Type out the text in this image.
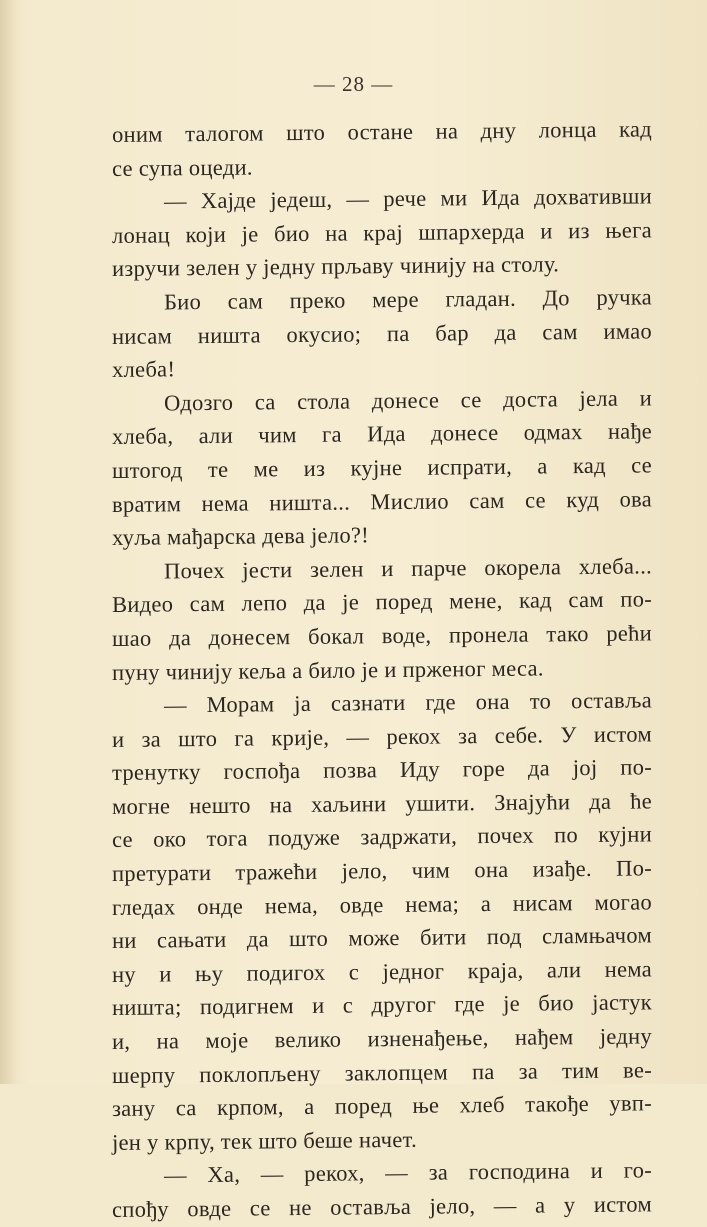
— 28 —
оним талогом што остане на дну лонца кад
се супа оцеди.
— Хајде једеш, — рече ми Ида дохвативши
лонац који је био на крај шпархерда и из њега
изручи зелен у једну прљаву чинију на столу.
Био сам преко мере гладан. До ручка
нисам ништа окусио; па бар да сам имао
хлеба!
Одозго са стола донесе се доста јела и
хлеба, али чим га Ида донесе одмах нађе
штогод те ме из кујне испрати, а кад се
вратим нема ништа... Мислио сам се куд ова
хуља мађарска дева јело?!
Почех јести зелен и парче окорела хлеба...
Видео сам лепо да је поред мене, кад сам по-
шао да донесем бокал воде, пронела тако рећи
пуну чинију кеља а било је и прженог меса.
— Морам ја сазнати где она то оставља
и за што га крије, — рекох за себе. У истом
тренутку госпођа позва Иду горе да јој по-
могне нешто на хаљини ушити. Знајући да ће
се око тога подуже задржати, почех по кујни
претурати тражећи јело, чим она изађе. По-
гледах онде нема, овде нема; а нисам могао
ни сањати да што може бити под сламњачом
ну и њу подигох с једног краја, али нема
ништа; подигнем и с другог где је био јастук
и, на моје велико изненађење, нађем једну
шерпу поклопљену заклопцем па за тим ве-
зану са крпом, а поред ње хлеб такође увп-
јен у крпу, тек што беше начет.
— Ха, — рекох, — за господина и го-
спођу овде се не оставља јело, — а у истом
